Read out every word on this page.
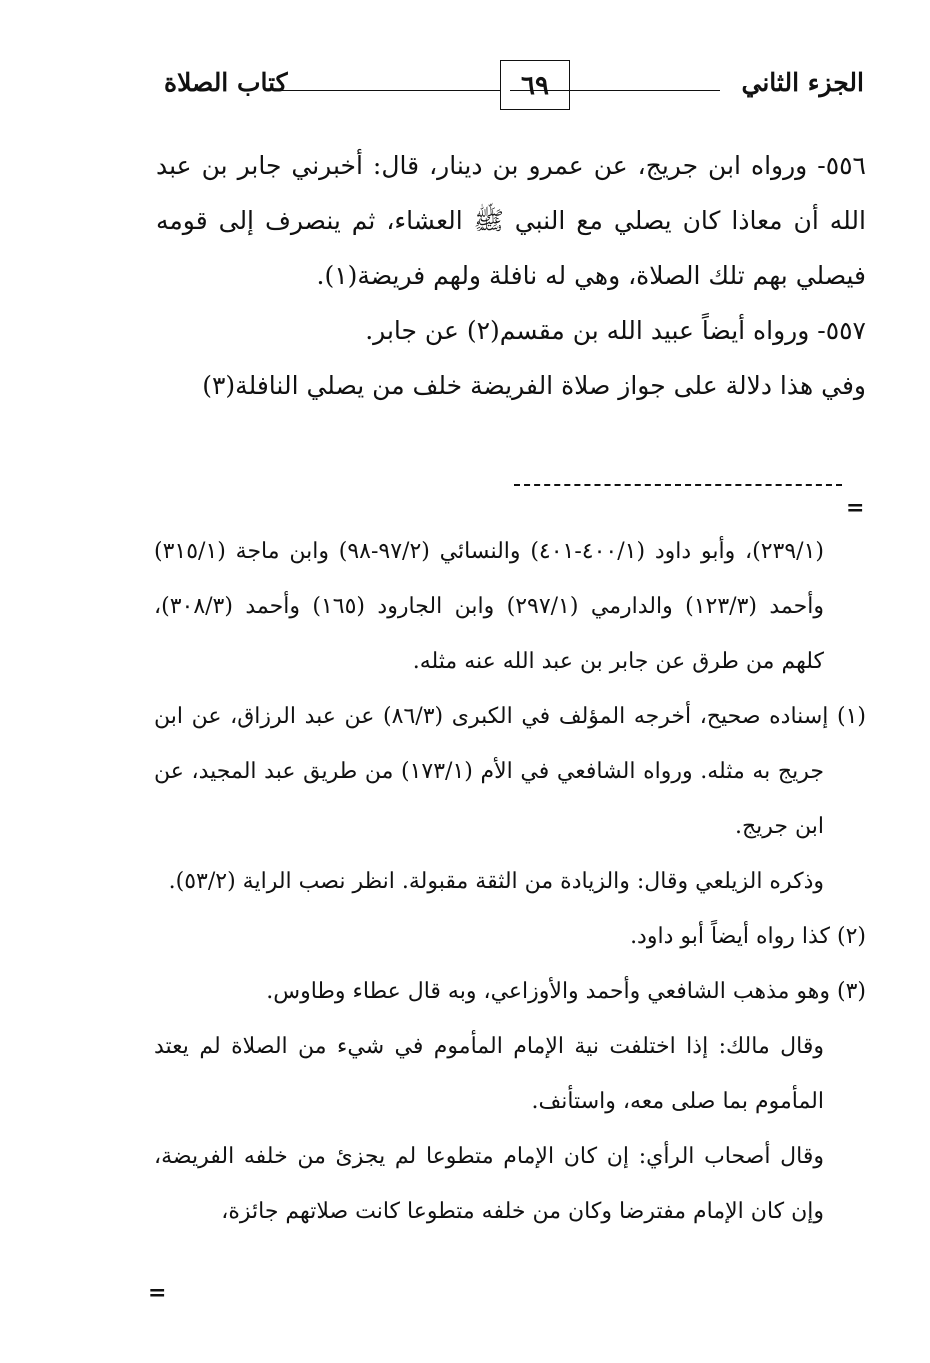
الجزء الثاني
٦٩
كتاب الصلاة

٥٥٦- ورواه ابن جريج، عن عمرو بن دينار، قال: أخبرني جابر بن عبد الله أن معاذا كان يصلي مع النبي ﷺ العشاء، ثم ينصرف إلى قومه فيصلي بهم تلك الصلاة، وهي له نافلة ولهم فريضة(١).

٥٥٧- ورواه أيضاً عبيد الله بن مقسم(٢) عن جابر.

وفي هذا دلالة على جواز صلاة الفريضة خلف من يصلي النافلة(٣)

=

(٢٣٩/١)، وأبو داود (٤٠٠/١-٤٠١) والنسائي (٩٧/٢-٩٨) وابن ماجة (٣١٥/١) وأحمد (١٢٣/٣) والدارمي (٢٩٧/١) وابن الجارود (١٦٥) وأحمد (٣٠٨/٣)، كلهم من طرق عن جابر بن عبد الله عنه مثله.

(١) إسناده صحيح، أخرجه المؤلف في الكبرى (٨٦/٣) عن عبد الرزاق، عن ابن جريج به مثله. ورواه الشافعي في الأم (١٧٣/١) من طريق عبد المجيد، عن ابن جريج.

وذكره الزيلعي وقال: والزيادة من الثقة مقبولة. انظر نصب الراية (٥٣/٢).

(٢) كذا رواه أيضاً أبو داود.

(٣) وهو مذهب الشافعي وأحمد والأوزاعي، وبه قال عطاء وطاوس.

وقال مالك: إذا اختلفت نية الإمام المأموم في شيء من الصلاة لم يعتد المأموم بما صلى معه، واستأنف.

وقال أصحاب الرأي: إن كان الإمام متطوعا لم يجزئ من خلفه الفريضة، وإن كان الإمام مفترضا وكان من خلفه متطوعا كانت صلاتهم جائزة،

=
